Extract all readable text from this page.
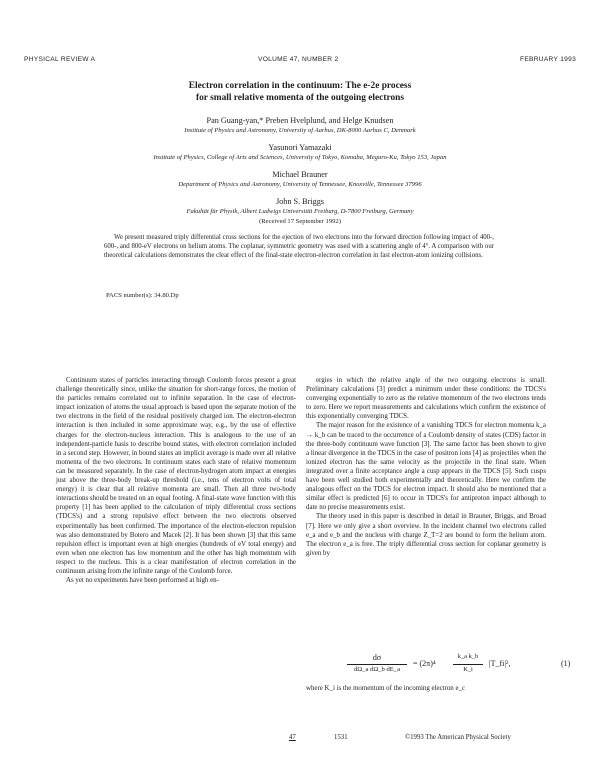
PHYSICAL REVIEW A	VOLUME 47, NUMBER 2	FEBRUARY 1993
Electron correlation in the continuum: The e-2e process
for small relative momenta of the outgoing electrons
Pan Guang-yan,* Preben Hvelplund, and Helge Knudsen
Institute of Physics and Astronomy, University of Aarhus, DK-8000 Aarhus C, Denmark
Yasunori Yamazaki
Institute of Physics, College of Arts and Sciences, University of Tokyo, Komaba, Meguro-Ku, Tokyo 153, Japan
Michael Brauner
Department of Physics and Astronomy, University of Tennessee, Knoxville, Tennessee 37996
John S. Briggs
Fakultät für Physik, Albert Ludwigs Universität Freiburg, D-7800 Freiburg, Germany
(Received 17 September 1992)
We present measured triply differential cross sections for the ejection of two electrons into the forward direction following impact of 400-, 600-, and 800-eV electrons on helium atoms. The coplanar, symmetric geometry was used with a scattering angle of 4°. A comparison with our theoretical calculations demonstrates the clear effect of the final-state electron-electron correlation in fast electron-atom ionizing collisions.
PACS number(s): 34.80.Dp

Continuum states of particles interacting through Coulomb forces present a great challenge theoretically since, unlike the situation for short-range forces, the motion of the particles remains correlated out to infinite separation. In the case of electron-impact ionization of atoms the usual approach is based upon the separate motion of the two electrons in the field of the residual positively charged ion. The electron-electron interaction is then included in some approximate way, e.g., by the use of effective charges for the electron-nucleus interaction. This is analogous to the use of an independent-particle basis to describe bound states, with electron correlation included in a second step. However, in bound states an implicit average is made over all relative momenta of the two electrons. In continuum states each state of relative momentum can be measured separately. In the case of electron-hydrogen atom impact at energies just above the three-body break-up threshold (i.e., tens of electron volts of total energy) it is clear that all relative momenta are small. Then all three two-body interactions should be treated on an equal footing. A final-state wave function with this property [1] has been applied to the calculation of triply differential cross sections (TDCS's) and a strong repulsive effect between the two electrons observed experimentally has been confirmed. The importance of the electron-electron repulsion was also demonstrated by Botero and Macek [2]. It has been shown [3] that this same repulsion effect is important even at high energies (hundreds of eV total energy) and even when one electron has low momentum and the other has high momentum with respect to the nucleus. This is a clear manifestation of electron correlation in the continuum arising from the infinite range of the Coulomb force.

As yet no experiments have been performed at high en-

ergies in which the relative angle of the two outgoing electrons is small. Preliminary calculations [3] predict a minimum under these conditions: the TDCS's converging exponentially to zero as the relative momentum of the two electrons tends to zero. Here we report measurements and calculations which confirm the existence of this exponentially converging TDCS.

The major reason for the existence of a vanishing TDCS for electron momenta k_a → k_b can be traced to the occurrence of a Coulomb density of states (CDS) factor in the three-body continuum wave function [3]. The same factor has been shown to give a linear divergence in the TDCS in the case of positron ions [4] as projectiles when the ionized electron has the same velocity as the projectile in the final state. When integrated over a finite acceptance angle a cusp appears in the TDCS [5]. Such cusps have been well studied both experimentally and theoretically. Here we confirm the analogous effect on the TDCS for electron impact. It should also be mentioned that a similar effect is predicted [6] to occur in TDCS's for antiproton impact although to date no precise measurements exist.

The theory used in this paper is described in detail in Brauner, Briggs, and Broad [7]. Here we only give a short overview. In the incident channel two electrons called e_a and e_b and the nucleus with charge Z_T=2 are bound to form the helium atom. The electron e_a is free. The triply differential cross section for coplanar geometry is given by

dσ
dΩ_a dΩ_b dE_a
= (2π)⁴
k_a k_b
K_i
|T_fi|²,	(1)

where K_i is the momentum of the incoming electron e_c

47	1531	©1993 The American Physical Society
